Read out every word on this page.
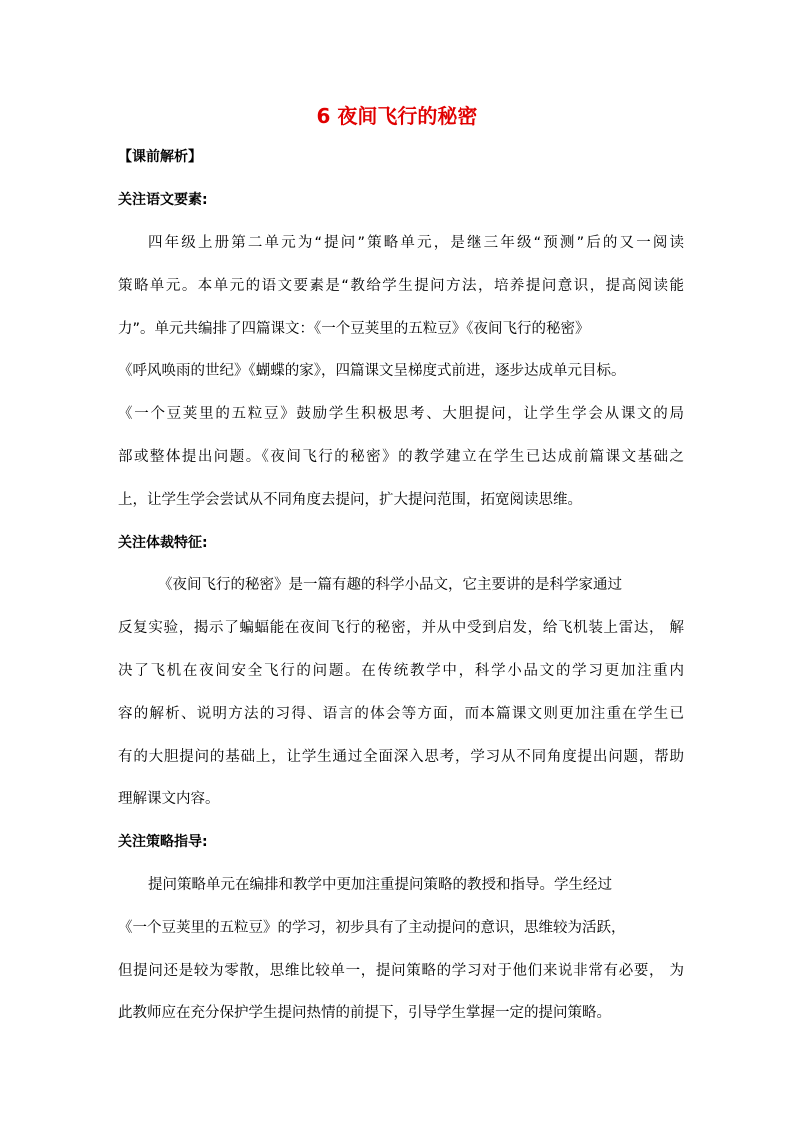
6 夜间飞行的秘密
【课前解析】
关注语文要素:
四年级上册第二单元为“提问”策略单元，是继三年级“预测”后的又一阅读
策略单元。本单元的语文要素是“教给学生提问方法，培养提问意识，提高阅读能
力”。单元共编排了四篇课文：《一个豆荚里的五粒豆》《夜间飞行的秘密》
《呼风唤雨的世纪》《蝴蝶的家》，四篇课文呈梯度式前进，逐步达成单元目标。
《一个豆荚里的五粒豆》鼓励学生积极思考、大胆提问，让学生学会从课文的局
部或整体提出问题。《夜间飞行的秘密》的教学建立在学生已达成前篇课文基础之
上，让学生学会尝试从不同角度去提问，扩大提问范围，拓宽阅读思维。
关注体裁特征:
《夜间飞行的秘密》是一篇有趣的科学小品文，它主要讲的是科学家通过
反复实验，揭示了蝙蝠能在夜间飞行的秘密，并从中受到启发，给飞机装上雷达， 解
决了飞机在夜间安全飞行的问题。在传统教学中，科学小品文的学习更加注重内
容的解析、说明方法的习得、语言的体会等方面，而本篇课文则更加注重在学生已
有的大胆提问的基础上，让学生通过全面深入思考，学习从不同角度提出问题，帮助
理解课文内容。
关注策略指导:
提问策略单元在编排和教学中更加注重提问策略的教授和指导。学生经过
《一个豆荚里的五粒豆》的学习，初步具有了主动提问的意识，思维较为活跃，
但提问还是较为零散，思维比较单一，提问策略的学习对于他们来说非常有必要， 为
此教师应在充分保护学生提问热情的前提下，引导学生掌握一定的提问策略。
